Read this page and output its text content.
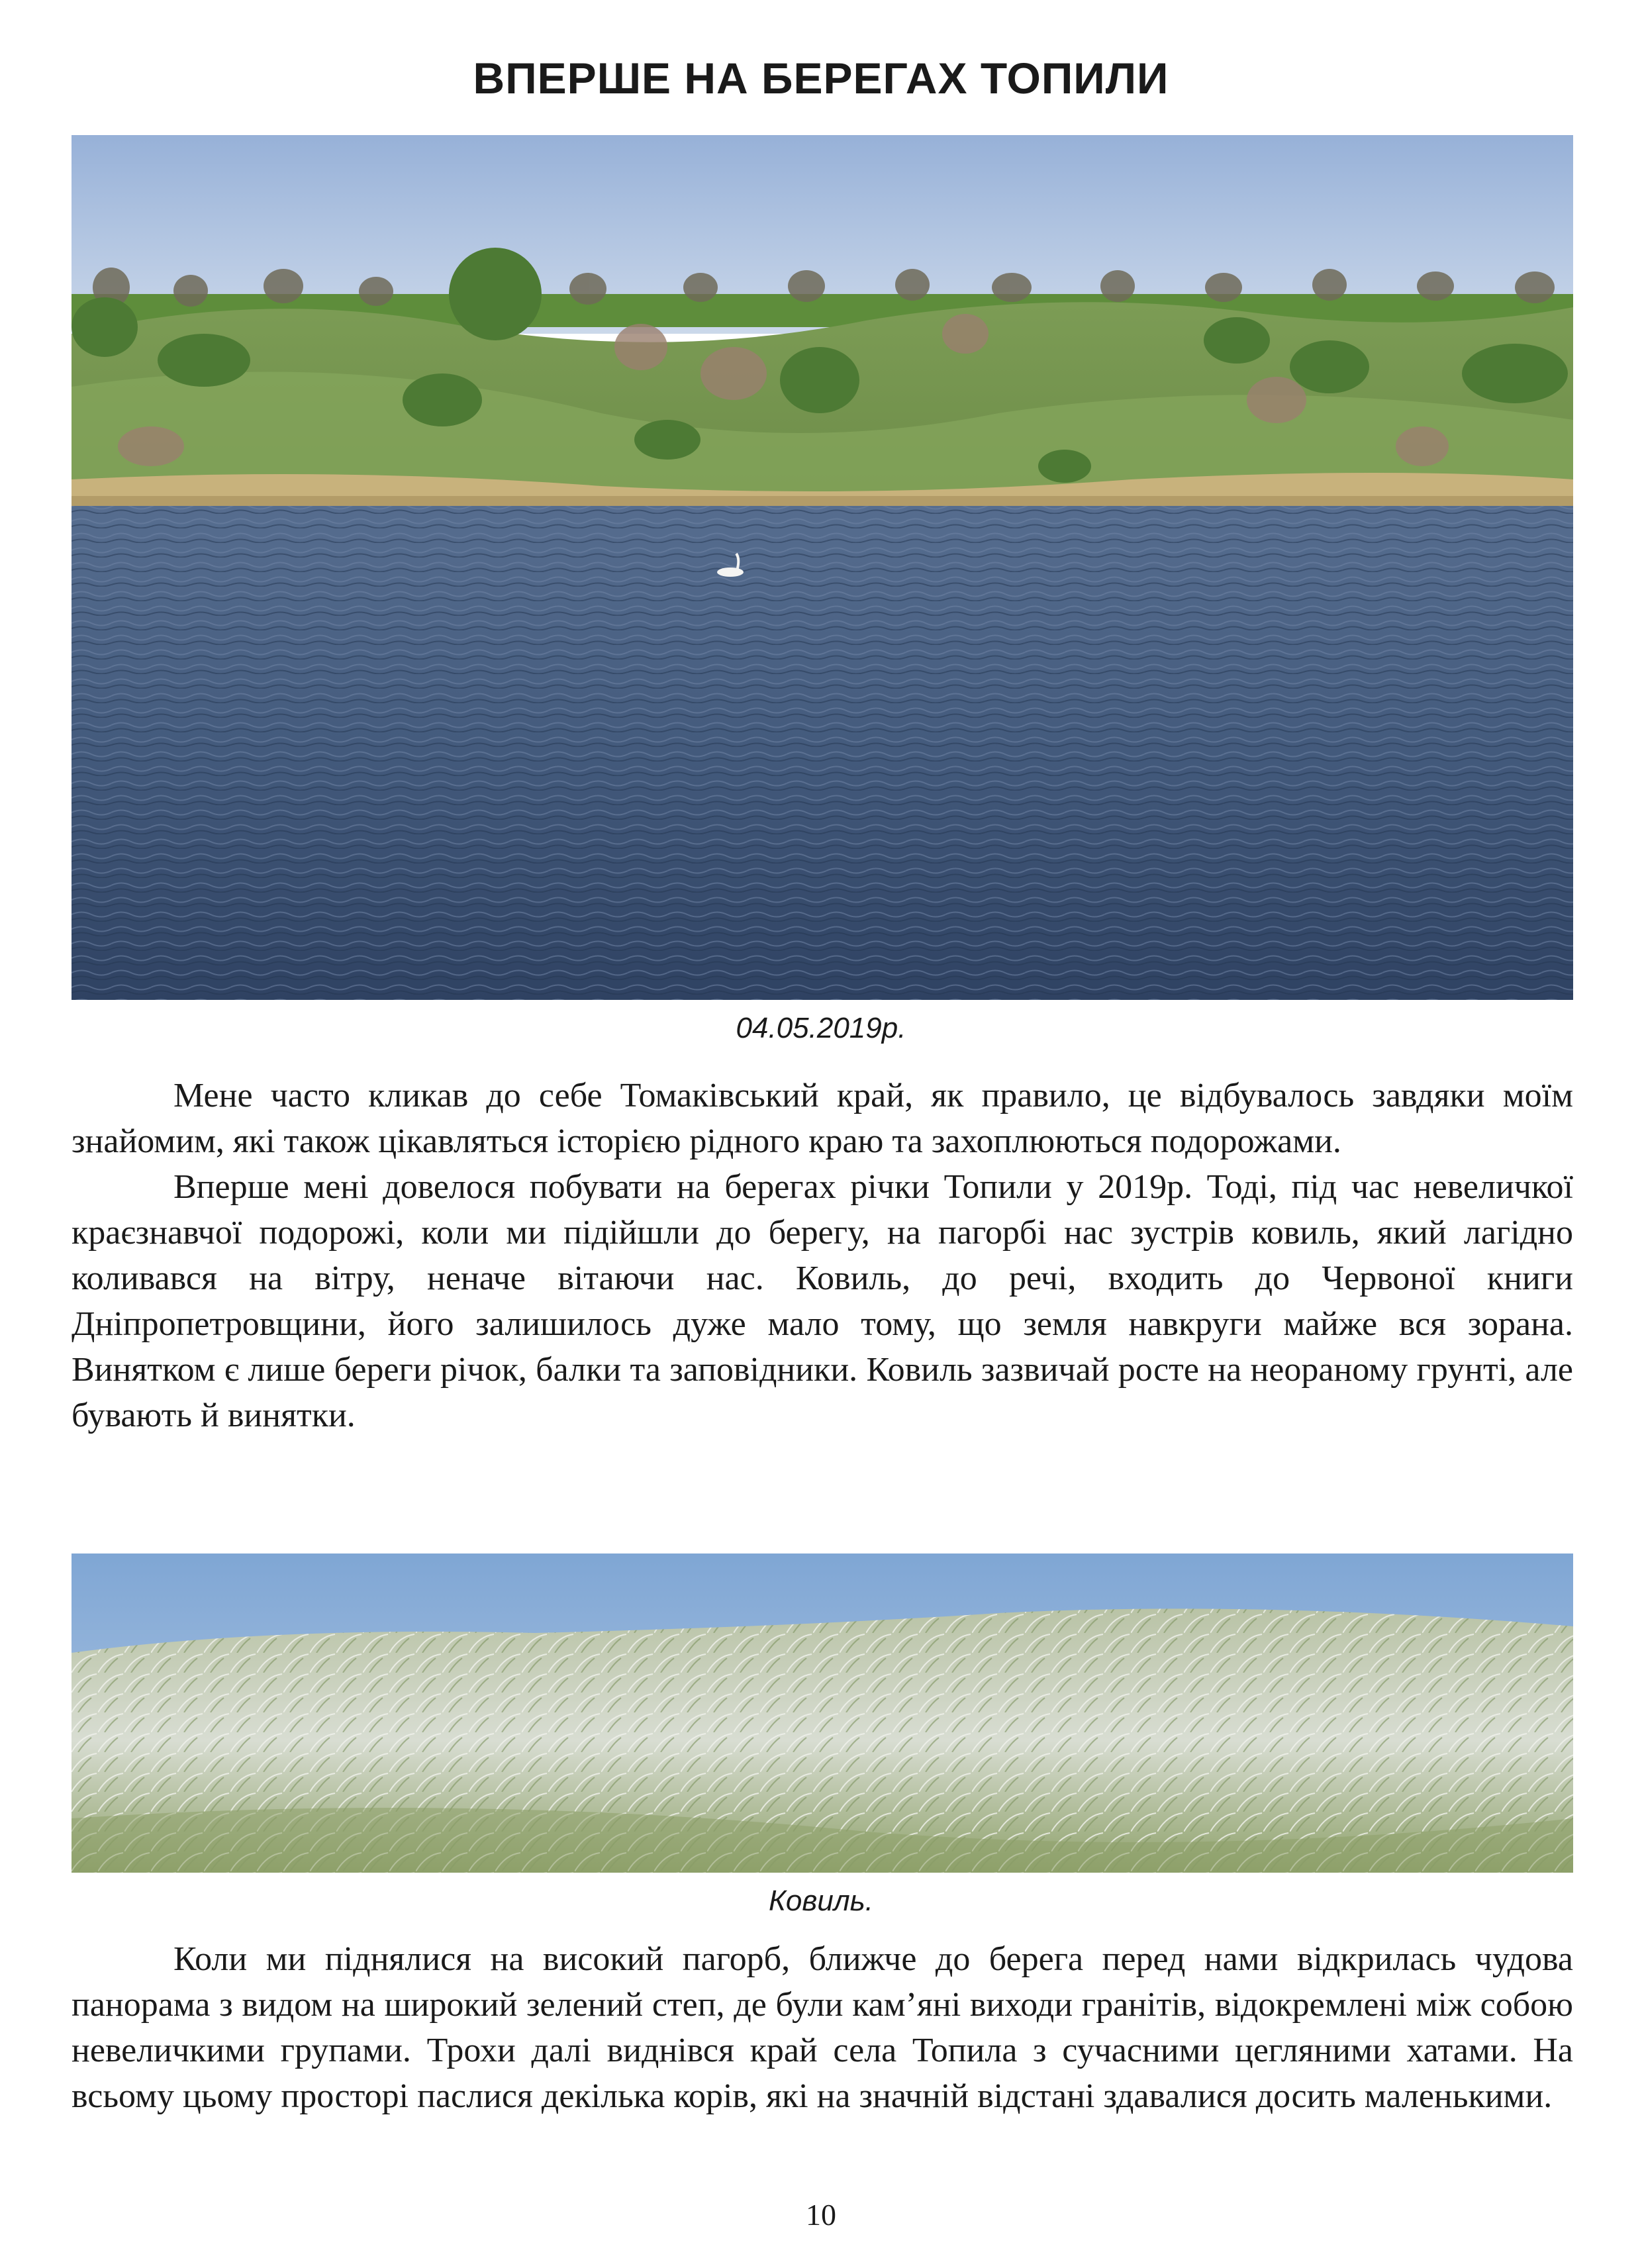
ВПЕРШЕ НА БЕРЕГАХ ТОПИЛИ
04.05.2019р.

Мене часто кликав до себе Томаківський край, як правило, це відбувалось завдяки моїм знайомим, які також цікавляться історією рідного краю та захоплюються подорожами.

Вперше мені довелося побувати на берегах річки Топили у 2019р. Тоді, під час невеличкої краєзнавчої подорожі, коли ми підійшли до берегу, на пагорбі нас зустрів ковиль, який лагідно коливався на вітру, неначе вітаючи нас. Ковиль, до речі, входить до Червоної книги Дніпропетровщини, його залишилось дуже мало тому, що земля навкруги майже вся зорана. Винятком є лише береги річок, балки та заповідники. Ковиль зазвичай росте на неораному грунті, але бувають й винятки.

Ковиль.

Коли ми піднялися на високий пагорб, ближче до берега перед нами відкрилась чудова панорама з видом на широкий зелений степ, де були кам’яні виходи гранітів, відокремлені між собою невеличкими групами. Трохи далі виднівся край села Топила з сучасними цегляними хатами. На всьому цьому просторі паслися декілька корів, які на значній відстані здавалися досить маленькими.

10
